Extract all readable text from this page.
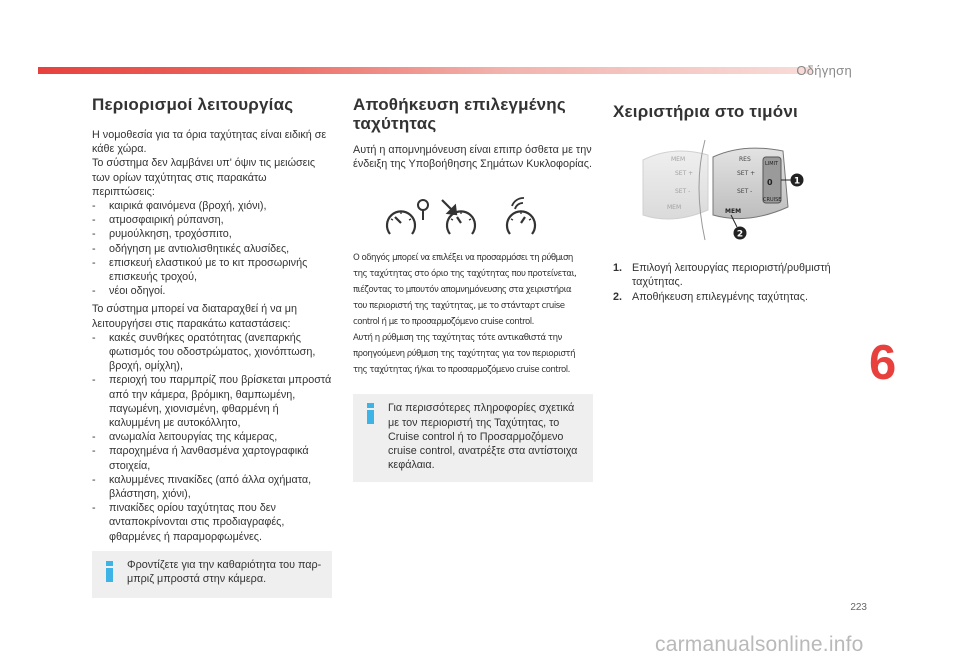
Οδήγηση
Περιορισμοί λειτουργίας
Η νομοθεσία για τα όρια ταχύτητας είναι ειδική σε κάθε χώρα.
Το σύστημα δεν λαμβάνει υπ' όψιν τις μειώσεις των ορίων ταχύτητας στις παρακάτω περιπτώσεις:
- καιρικά φαινόμενα (βροχή, χιόνι),
- ατμοσφαιρική ρύπανση,
- ρυμούλκηση, τροχόσπιτο,
- οδήγηση με αντιολισθητικές αλυσίδες,
- επισκευή ελαστικού με το κιτ προσωρινής επισκευής τροχού,
- νέοι οδηγοί.
Το σύστημα μπορεί να διαταραχθεί ή να μη λειτουργήσει στις παρακάτω καταστάσεις:
- κακές συνθήκες ορατότητας (ανεπαρκής φωτισμός του οδοστρώματος, χιονόπτωση, βροχή, ομίχλη),
- περιοχή του παρμπρίζ που βρίσκεται μπροστά από την κάμερα, βρόμικη, θαμπωμένη, παγωμένη, χιονισμένη, φθαρμένη ή καλυμμένη με αυτοκόλλητο,
- ανωμαλία λειτουργίας της κάμερας,
- παροχημένα ή λανθασμένα χαρτογραφικά στοιχεία,
- καλυμμένες πινακίδες (από άλλα οχήματα, βλάστηση, χιόνι),
- πινακίδες ορίου ταχύτητας που δεν ανταποκρίνονται στις προδιαγραφές, φθαρμένες ή παραμορφωμένες.
Φροντίζετε για την καθαριότητα του παρ-μπριζ μπροστά στην κάμερα.
Αποθήκευση επιλεγμένης ταχύτητας
Αυτή η απομνημόνευση είναι επιπρ όσθετα με την ένδειξη της Υποβοήθησης Σημάτων Κυκλοφορίας.
Ο οδηγός μπορεί να επιλέξει να προσαρμόσει τη ρύθμιση
της ταχύτητας στο όριο της ταχύτητας που προτείνεται,
πιέζοντας το μπουτόν απομνημόνευσης στα χειριστήρια
του περιοριστή της ταχύτητας, με το στάνταρτ cruise
control ή με το προσαρμοζόμενο cruise control.
Αυτή η ρύθμιση της ταχύτητας τότε αντικαθιστά την
προηγούμενη ρύθμιση της ταχύτητας για τον περιοριστή
της ταχύτητας ή/και το προσαρμοζόμενο cruise control.
Για περισσότερες πληροφορίες σχετικά με τον περιοριστή της Ταχύτητας, το Cruise control ή το Προσαρμοζόμενο cruise control, ανατρέξτε στα αντίστοιχα κεφάλαια.
Χειριστήρια στο τιμόνι
MEM
SET +
SET -
MEM
LIMIT
0
CRUISE
RES
SET +
SET -
MEM
1
2
1. Επιλογή λειτουργίας περιοριστή/ρυθμιστή ταχύτητας.
2. Αποθήκευση επιλεγμένης ταχύτητας.
6
223
carmanualsonline.info
